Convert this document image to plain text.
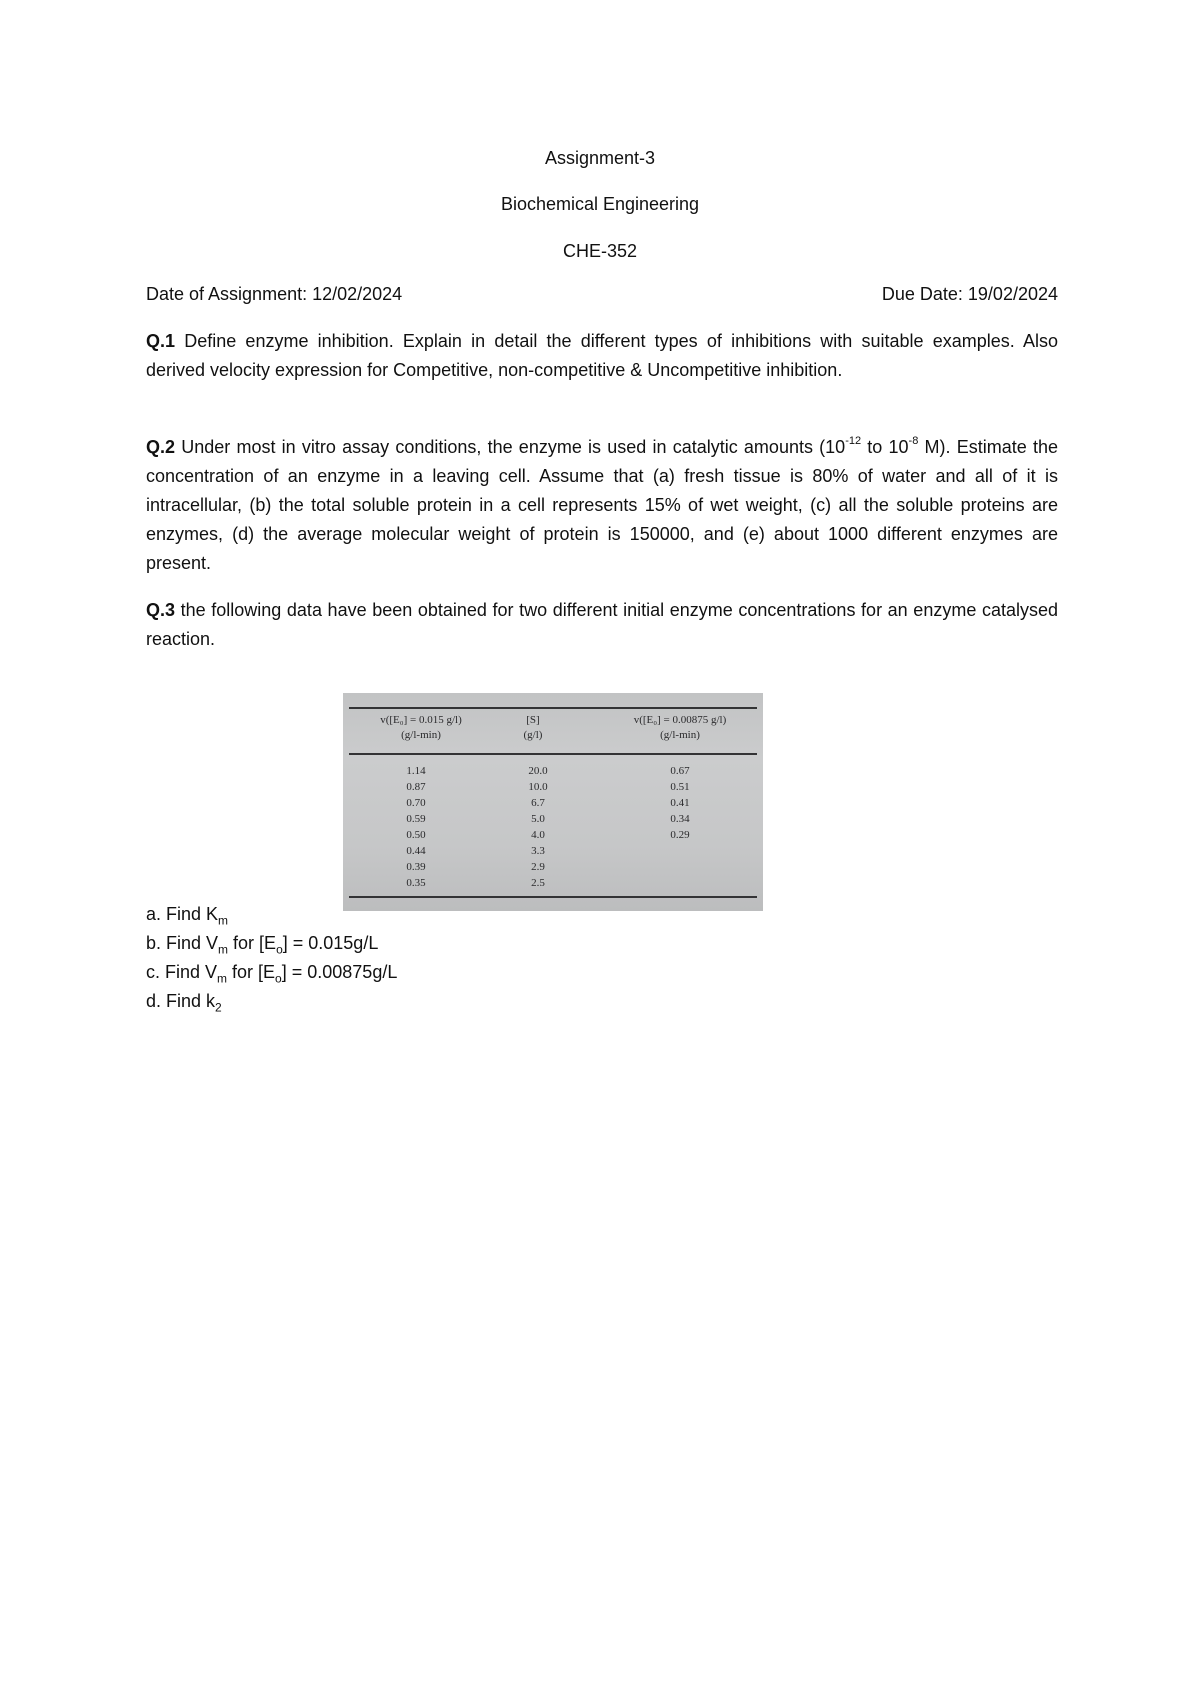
Assignment-3
Biochemical Engineering
CHE-352
Date of Assignment: 12/02/2024	Due Date: 19/02/2024
Q.1 Define enzyme inhibition. Explain in detail the different types of inhibitions with suitable examples. Also derived velocity expression for Competitive, non-competitive & Uncompetitive inhibition.
Q.2 Under most in vitro assay conditions, the enzyme is used in catalytic amounts ($10^{-12}$ to $10^{-8}$ M). Estimate the concentration of an enzyme in a leaving cell. Assume that (a) fresh tissue is 80% of water and all of it is intracellular, (b) the total soluble protein in a cell represents 15% of wet weight, (c) all the soluble proteins are enzymes, (d) the average molecular weight of protein is 150000, and (e) about 1000 different enzymes are present.
Q.3 the following data have been obtained for two different initial enzyme concentrations for an enzyme catalysed reaction.
v([E₀] = 0.015 g/l)
(g/l-min)
[S]
(g/l)
v([E₀] = 0.00875 g/l)
(g/l-min)
1.14
0.87
0.70
0.59
0.50
0.44
0.39
0.35
20.0
10.0
6.7
5.0
4.0
3.3
2.9
2.5
0.67
0.51
0.41
0.34
0.29
a. Find $K_m$
b. Find $V_m$ for $[E_o] = 0.015g/L$
c. Find $V_m$ for $[E_o] = 0.00875g/L$
d. Find $k_2$
